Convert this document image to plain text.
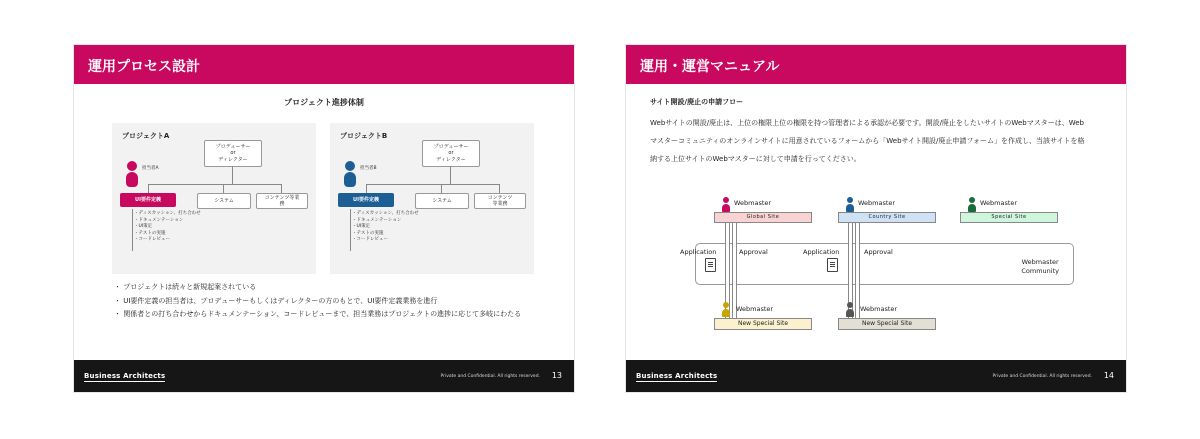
運用プロセス設計
プロジェクト進捗体制
プロジェクトA
プロデューサー
or
ディレクター
担当者A
UI要件定義	システム
コンテンツ等業
務
・ディスカッション、打ち合わせ
・ドキュメンテーション
・UI策定
・テストの実施
・コードレビュー
プロジェクトB
プロデューサー
or
ディレクター
担当者B
UI要件定義	システム
コンテンツ
等業務
・ディスカッション、打ち合わせ
・ドキュメンテーション
・UI策定
・テストの実施
・コードレビュー
・ プロジェクトは続々と新規起案されている
・ UI要件定義の担当者は、プロデューサーもしくはディレクターの方のもとで、UI要件定義業務を進行
・ 関係者との打ち合わせからドキュメンテーション、コードレビューまで、担当業務はプロジェクトの進捗に応じて多岐にわたる
Business Architects	Private and Confidential. All rights reserved. 13
運用・運営マニュアル
サイト開設/廃止の申請フロー
Webサイトの開設/廃止は、上位の権限上位の権限を持つ管理者による承認が必要です。開設/廃止をしたいサイトのWebマスターは、Webマスターコミュニティのオンラインサイトに用意されているフォームから「Webサイト開設/廃止申請フォーム」を作成し、当該サイトを格納する上位サイトのWebマスターに対して申請を行ってください。
Webmaster
Community
Webmaster
Global Site
Webmaster
Country Site
Webmaster
Special Site
Application	Approval	Application	Approval
Webmaster
New Special Site
Webmaster
New Special Site
Business Architects	Private and Confidential. All rights reserved. 14
